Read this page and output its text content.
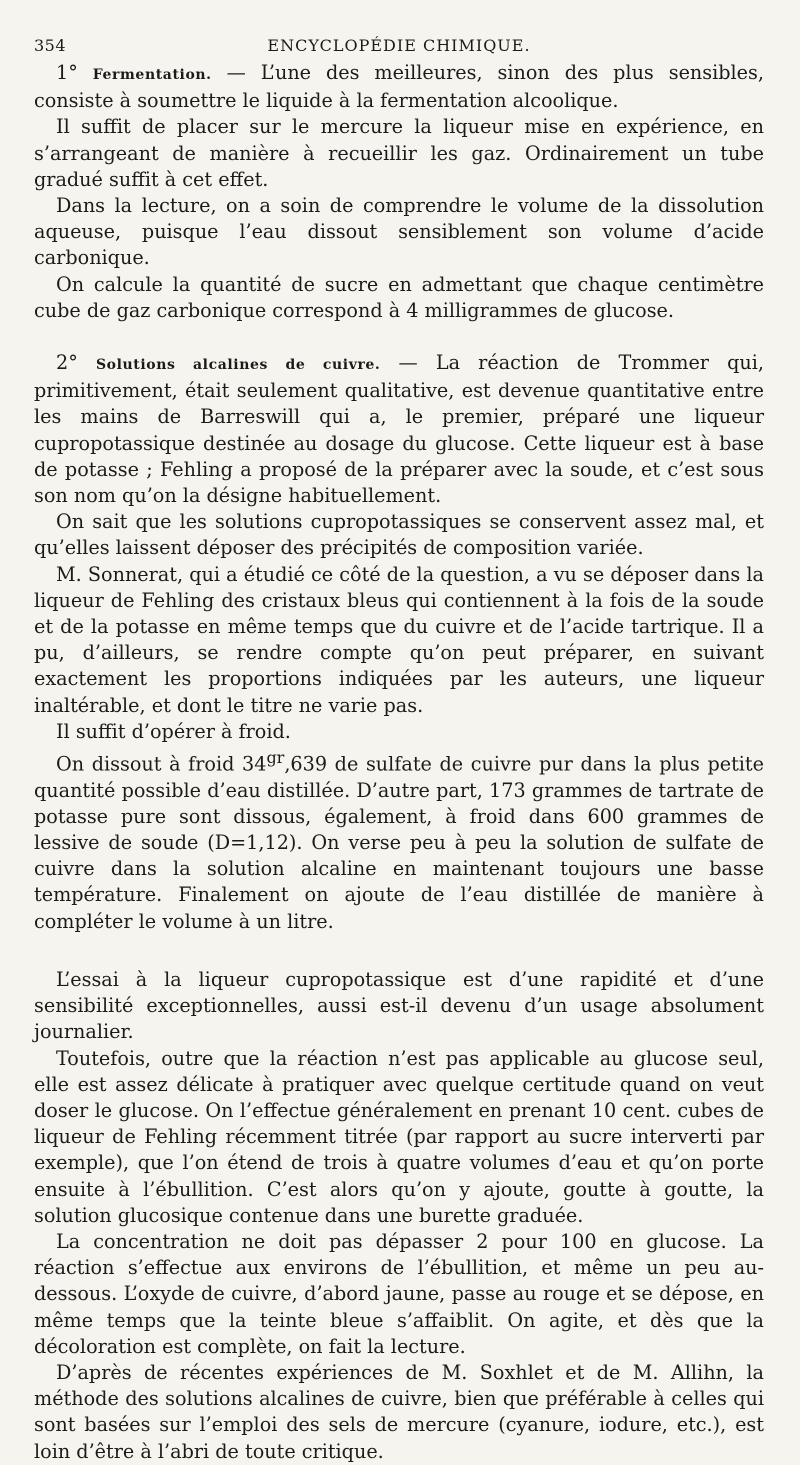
354	ENCYCLOPÉDIE CHIMIQUE.

1° Fermentation. — L’une des meilleures, sinon des plus sensibles, consiste à soumettre le liquide à la fermentation alcoolique.

Il suffit de placer sur le mercure la liqueur mise en expérience, en s’arrangeant de manière à recueillir les gaz. Ordinairement un tube gradué suffit à cet effet.

Dans la lecture, on a soin de comprendre le volume de la dissolution aqueuse, puisque l’eau dissout sensiblement son volume d’acide carbonique.

On calcule la quantité de sucre en admettant que chaque centimètre cube de gaz carbonique correspond à 4 milligrammes de glucose.

2° Solutions alcalines de cuivre. — La réaction de Trommer qui, primitivement, était seulement qualitative, est devenue quantitative entre les mains de Barreswill qui a, le premier, préparé une liqueur cupropotassique destinée au dosage du glucose. Cette liqueur est à base de potasse ; Fehling a proposé de la préparer avec la soude, et c’est sous son nom qu’on la désigne habituellement.

On sait que les solutions cupropotassiques se conservent assez mal, et qu’elles laissent déposer des précipités de composition variée.

M. Sonnerat, qui a étudié ce côté de la question, a vu se déposer dans la liqueur de Fehling des cristaux bleus qui contiennent à la fois de la soude et de la potasse en même temps que du cuivre et de l’acide tartrique. Il a pu, d’ailleurs, se rendre compte qu’on peut préparer, en suivant exactement les proportions indiquées par les auteurs, une liqueur inaltérable, et dont le titre ne varie pas.

Il suffit d’opérer à froid.

On dissout à froid $34^{gr},639$ de sulfate de cuivre pur dans la plus petite quantité possible d’eau distillée. D’autre part, 173 grammes de tartrate de potasse pure sont dissous, également, à froid dans 600 grammes de lessive de soude (D=1,12). On verse peu à peu la solution de sulfate de cuivre dans la solution alcaline en maintenant toujours une basse température. Finalement on ajoute de l’eau distillée de manière à compléter le volume à un litre.

L’essai à la liqueur cupropotassique est d’une rapidité et d’une sensibilité exceptionnelles, aussi est-il devenu d’un usage absolument journalier.

Toutefois, outre que la réaction n’est pas applicable au glucose seul, elle est assez délicate à pratiquer avec quelque certitude quand on veut doser le glucose. On l’effectue généralement en prenant 10 cent. cubes de liqueur de Fehling récemment titrée (par rapport au sucre interverti par exemple), que l’on étend de trois à quatre volumes d’eau et qu’on porte ensuite à l’ébullition. C’est alors qu’on y ajoute, goutte à goutte, la solution glucosique contenue dans une burette graduée.

La concentration ne doit pas dépasser 2 pour 100 en glucose. La réaction s’effectue aux environs de l’ébullition, et même un peu au-dessous. L’oxyde de cuivre, d’abord jaune, passe au rouge et se dépose, en même temps que la teinte bleue s’affaiblit. On agite, et dès que la décoloration est complète, on fait la lecture.

D’après de récentes expériences de M. Soxhlet et de M. Allihn, la méthode des solutions alcalines de cuivre, bien que préférable à celles qui sont basées sur l’emploi des sels de mercure (cyanure, iodure, etc.), est loin d’être à l’abri de toute critique.
